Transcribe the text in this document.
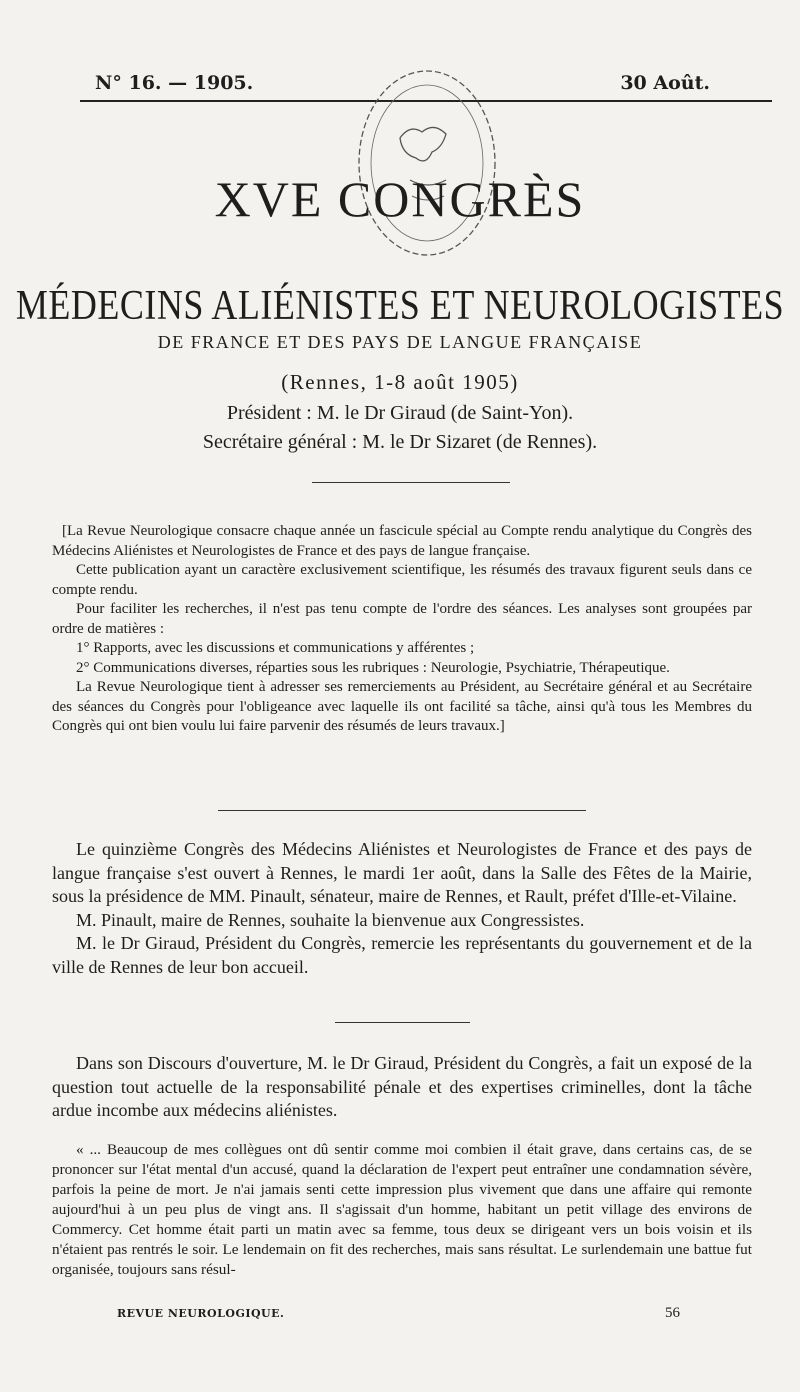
N° 16. — 1905.	30 Août.
XVE CONGRÈS
MÉDECINS ALIÉNISTES ET NEUROLOGISTES
DE FRANCE ET DES PAYS DE LANGUE FRANÇAISE
(Rennes, 1-8 août 1905)
Président : M. le Dr Giraud (de Saint-Yon).
Secrétaire général : M. le Dr Sizaret (de Rennes).

[La Revue Neurologique consacre chaque année un fascicule spécial au Compte rendu analytique du Congrès des Médecins Aliénistes et Neurologistes de France et des pays de langue française.

Cette publication ayant un caractère exclusivement scientifique, les résumés des travaux figurent seuls dans ce compte rendu.

Pour faciliter les recherches, il n'est pas tenu compte de l'ordre des séances. Les analyses sont groupées par ordre de matières :

1° Rapports, avec les discussions et communications y afférentes ;

2° Communications diverses, réparties sous les rubriques : Neurologie, Psychiatrie, Thérapeutique.

La Revue Neurologique tient à adresser ses remerciements au Président, au Secrétaire général et au Secrétaire des séances du Congrès pour l'obligeance avec laquelle ils ont facilité sa tâche, ainsi qu'à tous les Membres du Congrès qui ont bien voulu lui faire parvenir des résumés de leurs travaux.]

Le quinzième Congrès des Médecins Aliénistes et Neurologistes de France et des pays de langue française s'est ouvert à Rennes, le mardi 1er août, dans la Salle des Fêtes de la Mairie, sous la présidence de MM. Pinault, sénateur, maire de Rennes, et Rault, préfet d'Ille-et-Vilaine.

M. Pinault, maire de Rennes, souhaite la bienvenue aux Congressistes.

M. le Dr Giraud, Président du Congrès, remercie les représentants du gouvernement et de la ville de Rennes de leur bon accueil.

Dans son Discours d'ouverture, M. le Dr Giraud, Président du Congrès, a fait un exposé de la question tout actuelle de la responsabilité pénale et des expertises criminelles, dont la tâche ardue incombe aux médecins aliénistes.

« ... Beaucoup de mes collègues ont dû sentir comme moi combien il était grave, dans certains cas, de se prononcer sur l'état mental d'un accusé, quand la déclaration de l'expert peut entraîner une condamnation sévère, parfois la peine de mort. Je n'ai jamais senti cette impression plus vivement que dans une affaire qui remonte aujourd'hui à un peu plus de vingt ans. Il s'agissait d'un homme, habitant un petit village des environs de Commercy. Cet homme était parti un matin avec sa femme, tous deux se dirigeant vers un bois voisin et ils n'étaient pas rentrés le soir. Le lendemain on fit des recherches, mais sans résultat. Le surlendemain une battue fut organisée, toujours sans résul-

REVUE NEUROLOGIQUE.	56
